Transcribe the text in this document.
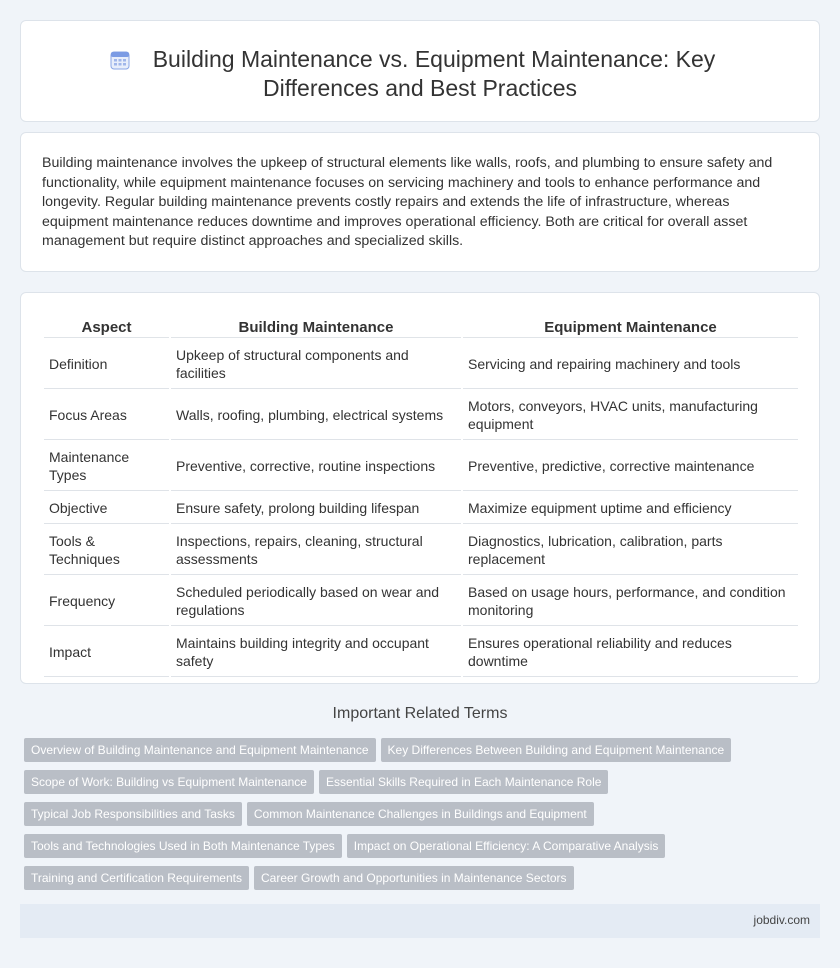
Building Maintenance vs. Equipment Maintenance: Key
Differences and Best Practices

Building maintenance involves the upkeep of structural elements like walls, roofs, and plumbing to ensure safety and functionality, while equipment maintenance focuses on servicing machinery and tools to enhance performance and longevity. Regular building maintenance prevents costly repairs and extends the life of infrastructure, whereas equipment maintenance reduces downtime and improves operational efficiency. Both are critical for overall asset management but require distinct approaches and specialized skills.

Aspect	Building Maintenance	Equipment Maintenance
Definition	Upkeep of structural components and facilities	Servicing and repairing machinery and tools
Focus Areas	Walls, roofing, plumbing, electrical systems	Motors, conveyors, HVAC units, manufacturing equipment
Maintenance Types	Preventive, corrective, routine inspections	Preventive, predictive, corrective maintenance
Objective	Ensure safety, prolong building lifespan	Maximize equipment uptime and efficiency
Tools & Techniques	Inspections, repairs, cleaning, structural assessments	Diagnostics, lubrication, calibration, parts replacement
Frequency	Scheduled periodically based on wear and regulations	Based on usage hours, performance, and condition monitoring
Impact	Maintains building integrity and occupant safety	Ensures operational reliability and reduces downtime
Important Related Terms
Overview of Building Maintenance and Equipment Maintenance Key Differences Between Building and Equipment Maintenance
Scope of Work: Building vs Equipment Maintenance Essential Skills Required in Each Maintenance Role
Typical Job Responsibilities and Tasks Common Maintenance Challenges in Buildings and Equipment
Tools and Technologies Used in Both Maintenance Types Impact on Operational Efficiency: A Comparative Analysis
Training and Certification Requirements Career Growth and Opportunities in Maintenance Sectors
jobdiv.com
